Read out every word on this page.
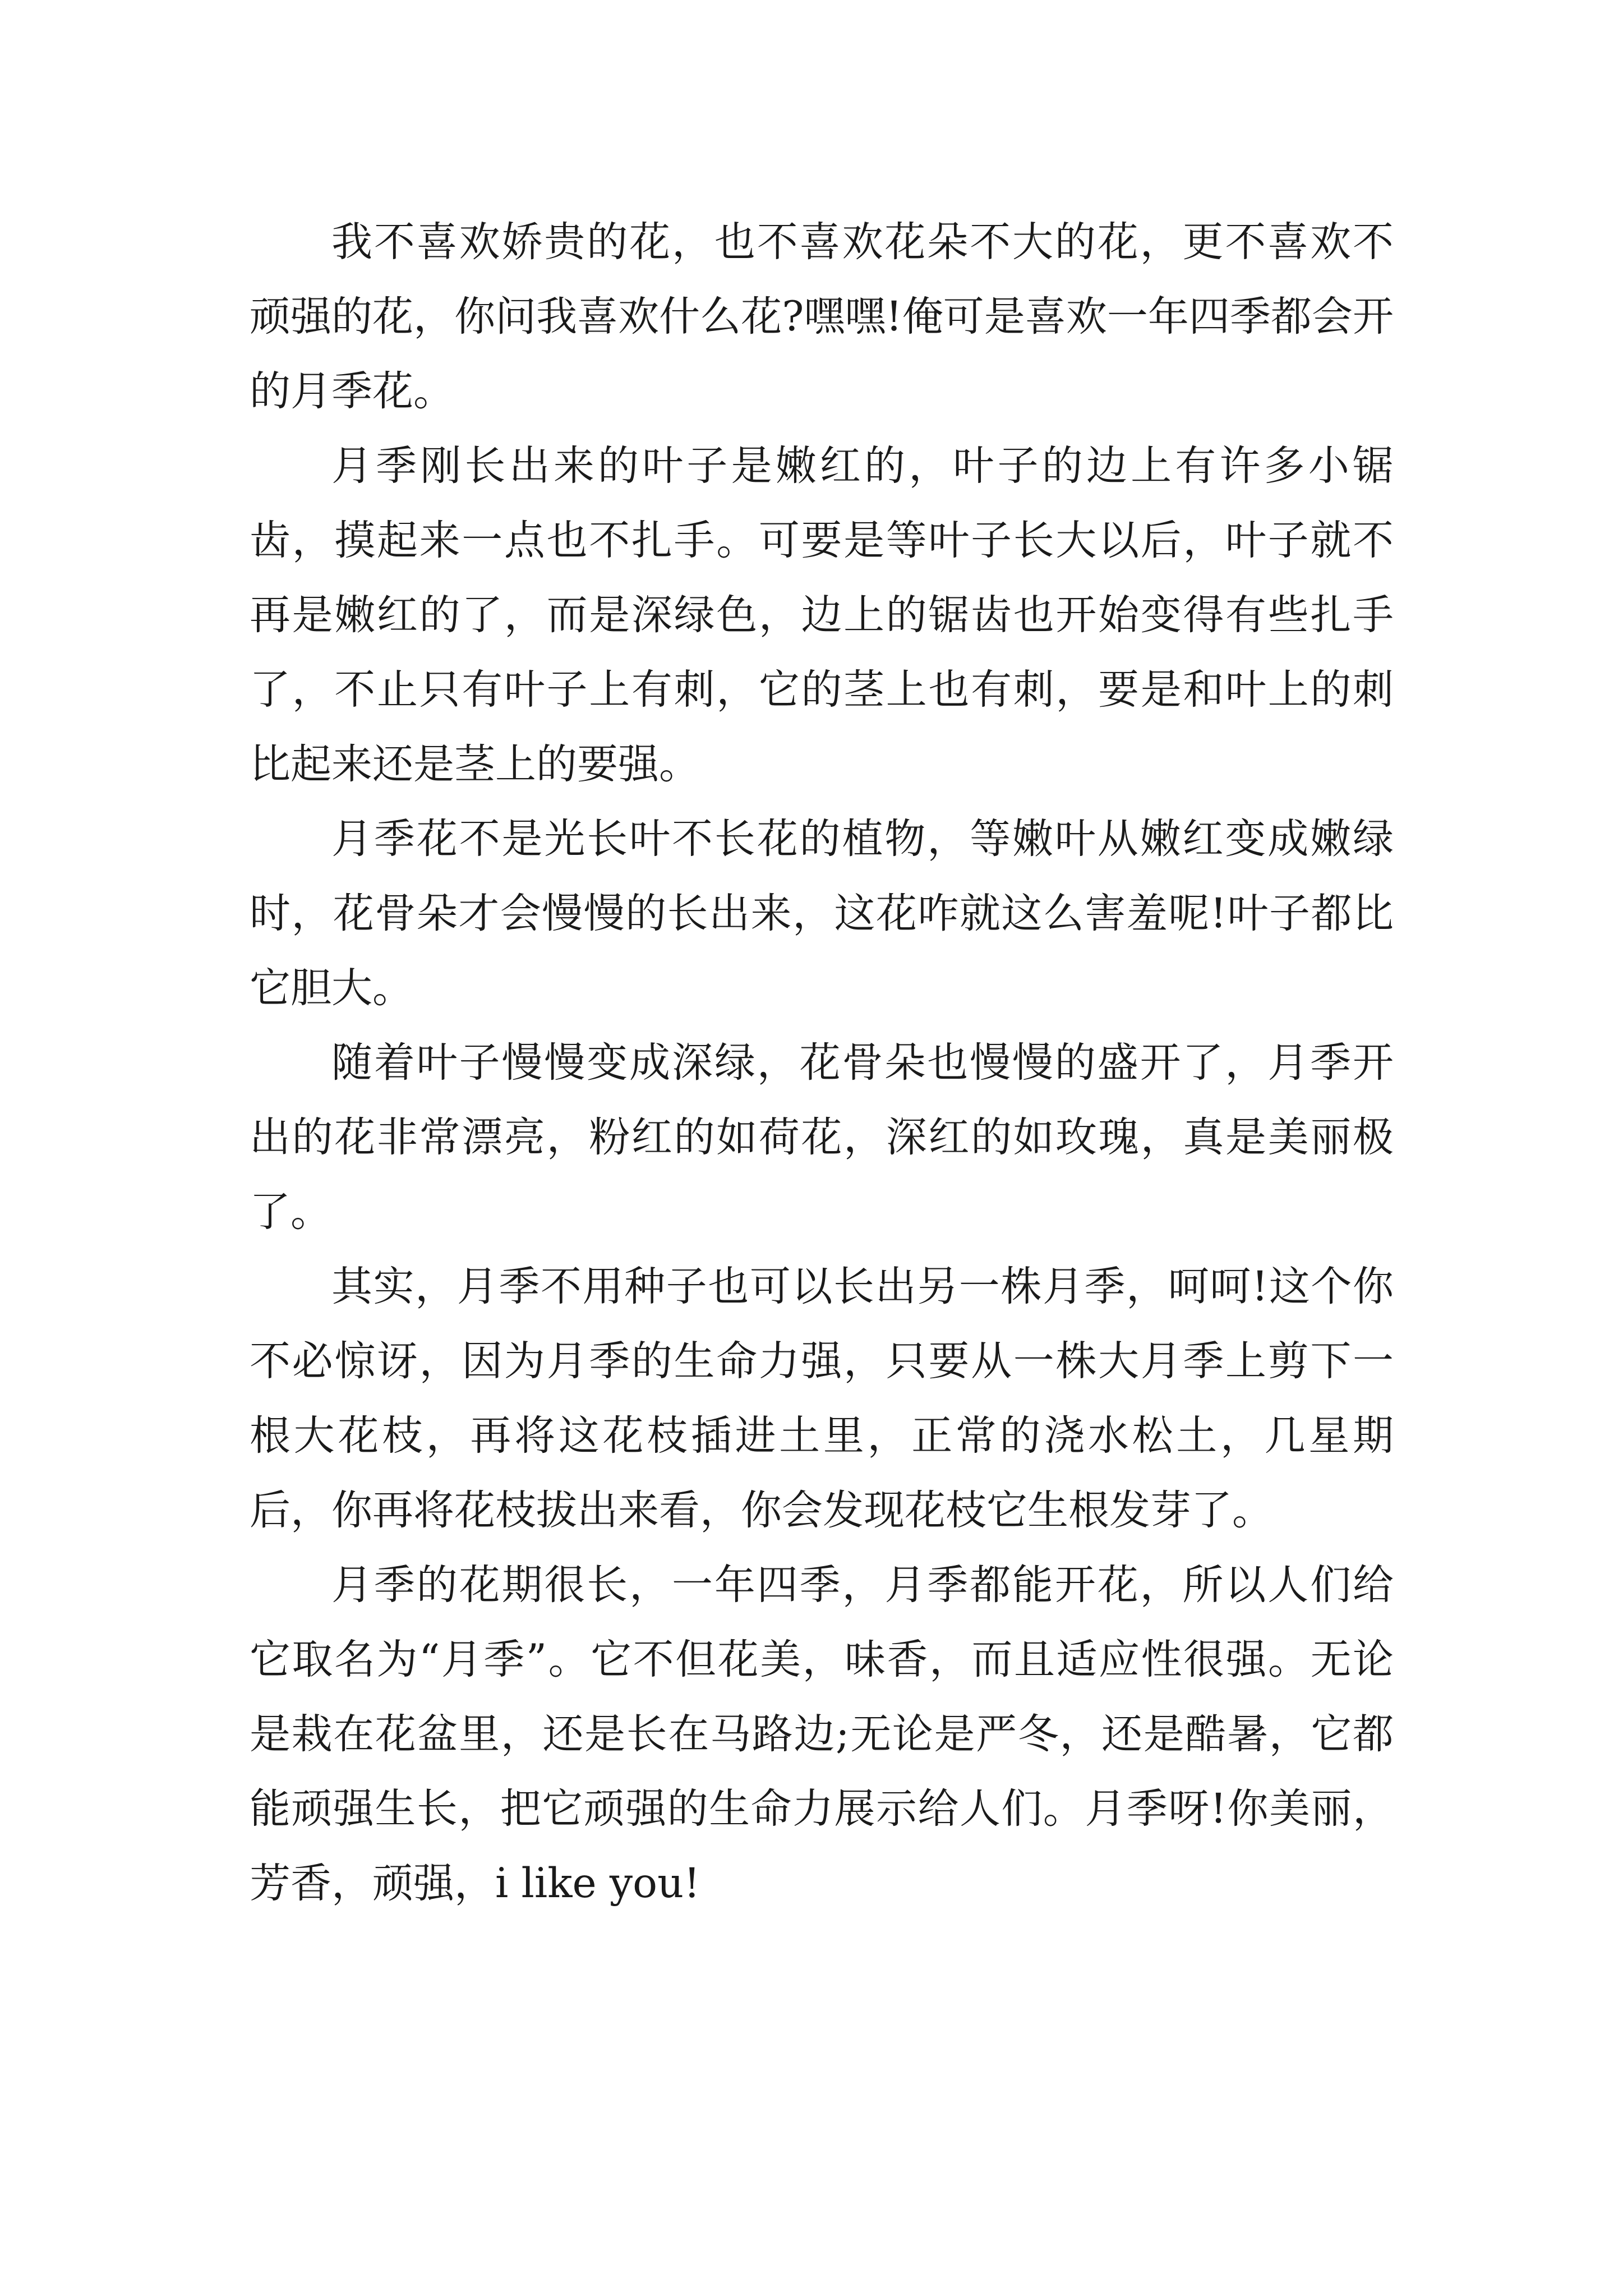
我不喜欢娇贵的花，也不喜欢花朵不大的花，更不喜欢不顽强的花，你问我喜欢什么花?嘿嘿!俺可是喜欢一年四季都会开的月季花。

月季刚长出来的叶子是嫩红的，叶子的边上有许多小锯齿，摸起来一点也不扎手。可要是等叶子长大以后，叶子就不再是嫩红的了，而是深绿色，边上的锯齿也开始变得有些扎手了，不止只有叶子上有刺，它的茎上也有刺，要是和叶上的刺比起来还是茎上的要强。

月季花不是光长叶不长花的植物，等嫩叶从嫩红变成嫩绿时，花骨朵才会慢慢的长出来，这花咋就这么害羞呢!叶子都比它胆大。

随着叶子慢慢变成深绿，花骨朵也慢慢的盛开了，月季开出的花非常漂亮，粉红的如荷花，深红的如玫瑰，真是美丽极了。

其实，月季不用种子也可以长出另一株月季，呵呵!这个你不必惊讶，因为月季的生命力强，只要从一株大月季上剪下一根大花枝，再将这花枝插进土里，正常的浇水松土，几星期后，你再将花枝拔出来看，你会发现花枝它生根发芽了。

月季的花期很长，一年四季，月季都能开花，所以人们给它取名为“月季”。它不但花美，味香，而且适应性很强。无论是栽在花盆里，还是长在马路边;无论是严冬，还是酷暑，它都能顽强生长，把它顽强的生命力展示给人们。月季呀!你美丽，芳香，顽强，i like you!
